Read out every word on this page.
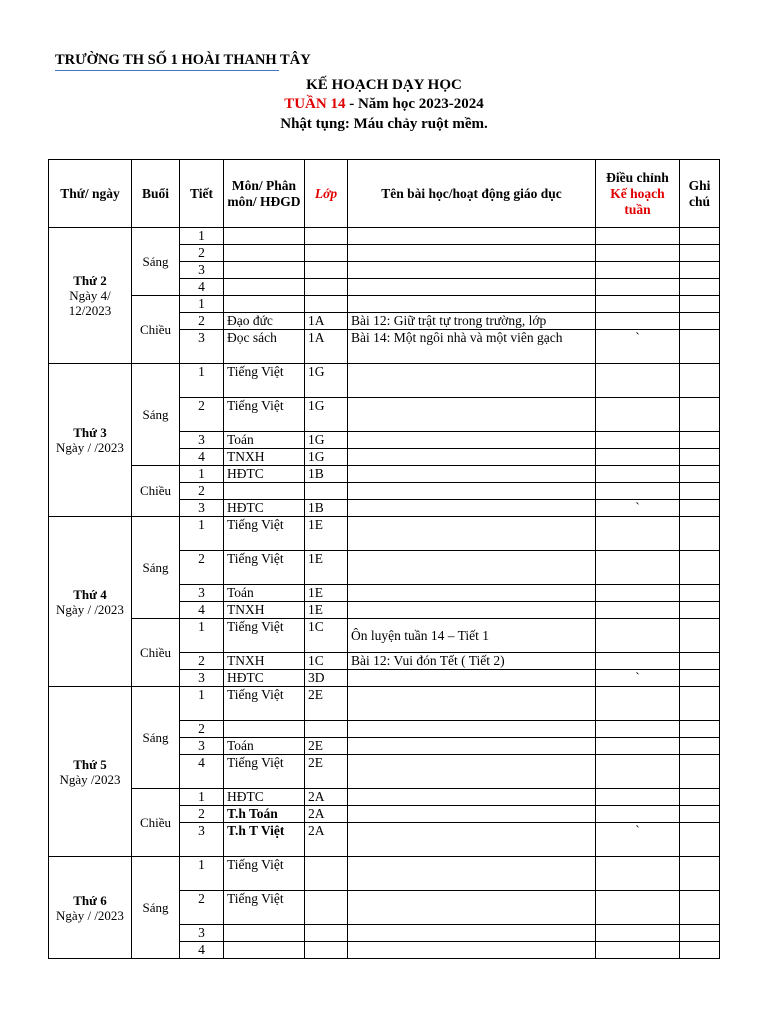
TRƯỜNG TH SỐ 1 HOÀI THANH TÂY
KẾ HOẠCH DẠY HỌC
TUẦN 14 - Năm học 2023-2024
Nhật tụng: Máu chảy ruột mềm.
Thứ/ ngày	Buổi	Tiết	Môn/ Phân môn/ HĐGD	Lớp	Tên bài học/hoạt động giáo dục	Điều chỉnh
Kế hoạch tuần	Ghi chú

Thứ 2
Ngày 4/ 12/2023	Sáng	1					
		2					
		3					
		4					
	Chiều	1					
		2	Đạo đức	1A	Bài 12: Giữ trật tự trong trường, lớp		
		3	Đọc sách	1A	Bài 14: Một ngôi nhà và một viên gạch	`	

Thứ 3
Ngày / /2023	Sáng	1	Tiếng Việt	1G			
		2	Tiếng Việt	1G			
		3	Toán	1G			
		4	TNXH	1G			
	Chiều	1	HĐTC	1B			
		2					
		3	HĐTC	1B		`	

Thứ 4
Ngày / /2023	Sáng	1	Tiếng Việt	1E			
		2	Tiếng Việt	1E			
		3	Toán	1E			
		4	TNXH	1E			
	Chiều	1	Tiếng Việt	1C	Ôn luyện tuần 14 – Tiết 1		
		2	TNXH	1C	Bài 12: Vui đón Tết ( Tiết 2)		
		3	HĐTC	3D		`	

Thứ 5
Ngày /2023	Sáng	1	Tiếng Việt	2E			
		2					
		3	Toán	2E			
		4	Tiếng Việt	2E			
	Chiều	1	HĐTC	2A			
		2	T.h Toán	2A			
		3	T.h T Việt	2A		`	

Thứ 6
Ngày / /2023	Sáng	1	Tiếng Việt				
		2	Tiếng Việt				
		3					
		4					
